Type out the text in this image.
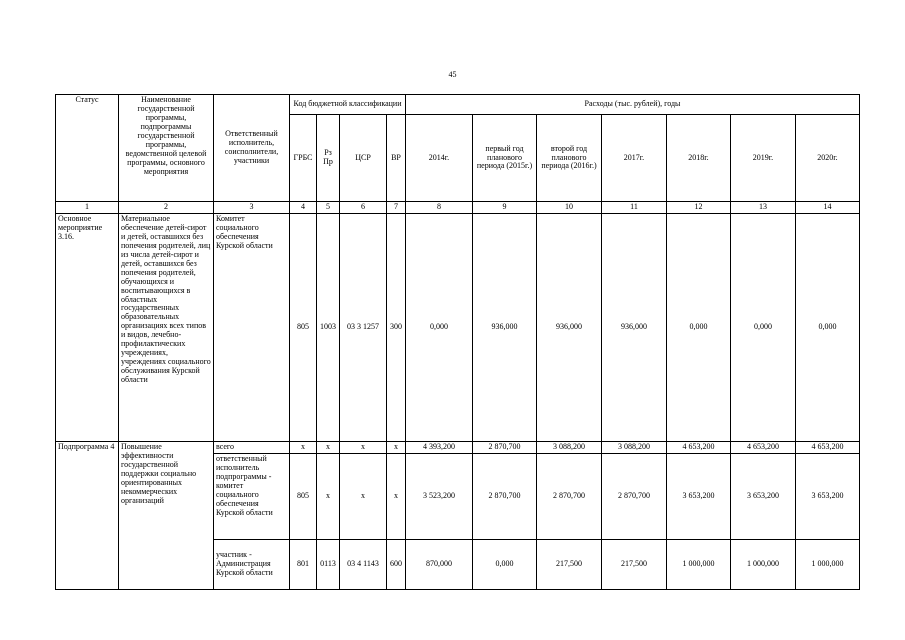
45
Статус	Наименование государственной программы, подпрограммы государственной программы, ведомственной целевой программы, основного мероприятия	Ответственный исполнитель, соисполнители, участники	Код бюджетной классификации				Расходы (тыс. рублей), годы						
			ГРБС	Рз Пр	ЦСР	ВР	2014г.	первый год планового периода (2015г.)	второй год планового периода (2016г.)	2017г.	2018г.	2019г.	2020г.
1	2	3	4	5	6	7	8	9	10	11	12	13	14
Основное мероприятие 3.16.	Материальное обеспечение детей-сирот и детей, оставшихся без попечения родителей, лиц из числа детей-сирот и детей, оставшихся без попечения родителей, обучающихся и воспитывающихся в областных государственных образовательных организациях всех типов и видов, лечебно-профилактических учреждениях, учреждениях социального обслуживания Курской области	Комитет социального обеспечения Курской области	805	1003	03 3 1257	300	0,000	936,000	936,000	936,000	0,000	0,000	0,000
Подпрограмма 4	Повышение эффективности государственной поддержки социально ориентированных некоммерческих организаций	всего	х	х	х	х	4 393,200	2 870,700	3 088,200	3 088,200	4 653,200	4 653,200	4 653,200
		ответственный исполнитель подпрограммы - комитет социального обеспечения Курской области	805	х	х	х	3 523,200	2 870,700	2 870,700	2 870,700	3 653,200	3 653,200	3 653,200
		участник - Администрация Курской области	801	0113	03 4 1143	600	870,000	0,000	217,500	217,500	1 000,000	1 000,000	1 000,000
